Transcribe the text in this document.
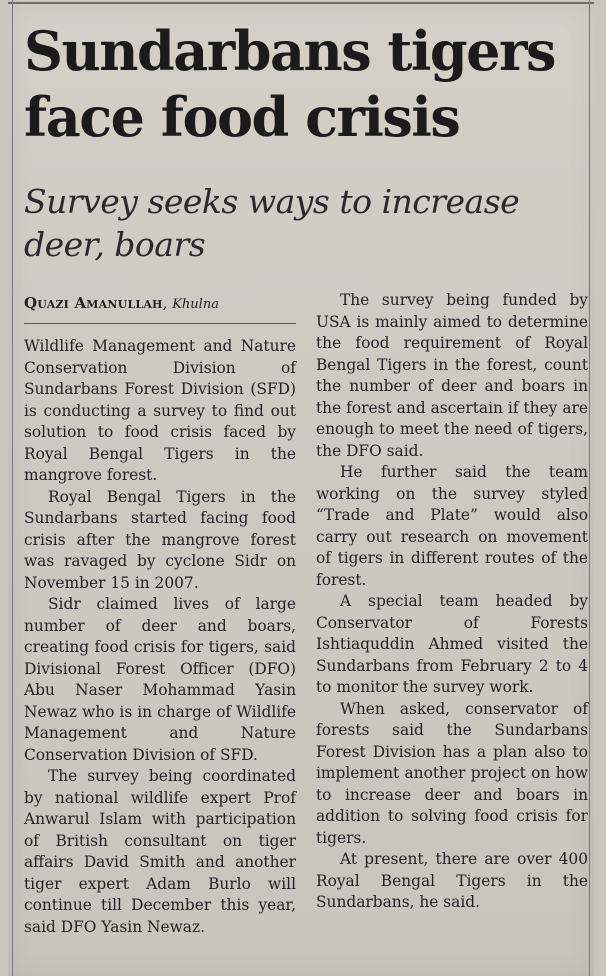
Sundarbans tigers face food crisis
Survey seeks ways to increase deer, boars
Quazi Amanullah, Khulna

Wildlife Management and Nature Conservation Division of Sundarbans Forest Division (SFD) is conducting a survey to find out solution to food crisis faced by Royal Bengal Tigers in the mangrove forest.

Royal Bengal Tigers in the Sundarbans started facing food crisis after the mangrove forest was ravaged by cyclone Sidr on November 15 in 2007.

Sidr claimed lives of large number of deer and boars, creating food crisis for tigers, said Divisional Forest Officer (DFO) Abu Naser Mohammad Yasin Newaz who is in charge of Wildlife Management and Nature Conservation Division of SFD.

The survey being coordinated by national wildlife expert Prof Anwarul Islam with participation of British consultant on tiger affairs David Smith and another tiger expert Adam Burlo will continue till December this year, said DFO Yasin Newaz.

The survey being funded by USA is mainly aimed to determine the food requirement of Royal Bengal Tigers in the forest, count the number of deer and boars in the forest and ascertain if they are enough to meet the need of tigers, the DFO said.

He further said the team working on the survey styled “Trade and Plate” would also carry out research on movement of tigers in different routes of the forest.

A special team headed by Conservator of Forests Ishtiaquddin Ahmed visited the Sundarbans from February 2 to 4 to monitor the survey work.

When asked, conservator of forests said the Sundarbans Forest Division has a plan also to implement another project on how to increase deer and boars in addition to solving food crisis for tigers.

At present, there are over 400 Royal Bengal Tigers in the Sundarbans, he said.
